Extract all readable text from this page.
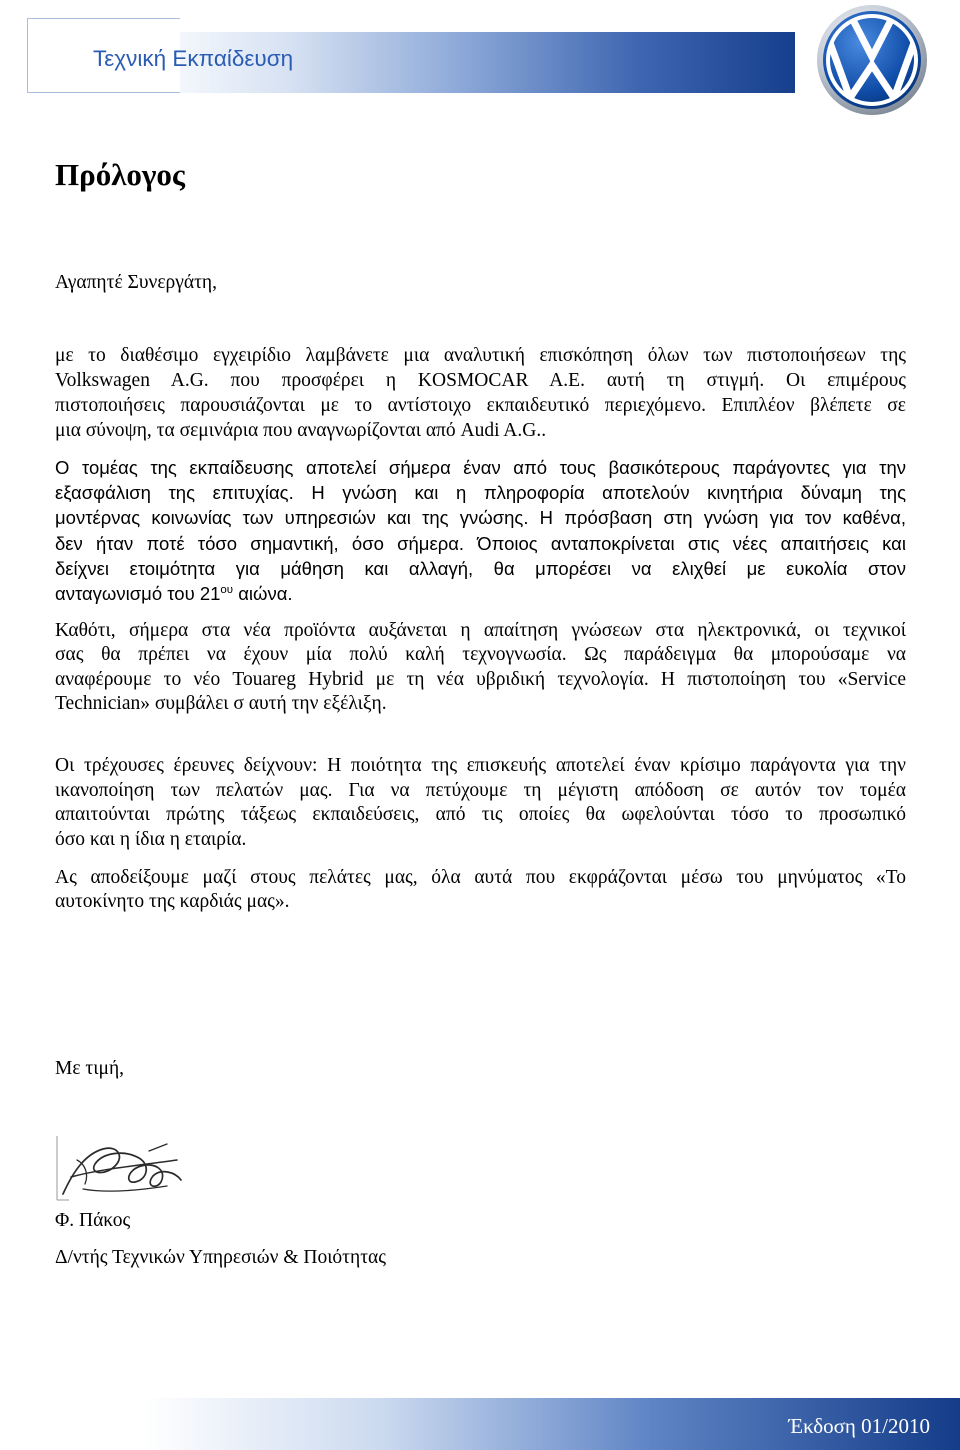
Τεχνική Εκπαίδευση
Πρόλογος
Αγαπητέ Συνεργάτη,
με το διαθέσιμο εγχειρίδιο λαμβάνετε μια αναλυτική επισκόπηση όλων των πιστοποιήσεων της
Volkswagen A.G. που προσφέρει η KOSMOCAR A.E. αυτή τη στιγμή. Οι επιμέρους
πιστοποιήσεις παρουσιάζονται με το αντίστοιχο εκπαιδευτικό περιεχόμενο. Επιπλέον βλέπετε σε
μια σύνοψη, τα σεμινάρια που αναγνωρίζονται από Audi A.G..
Ο τομέας της εκπαίδευσης αποτελεί σήμερα έναν από τους βασικότερους παράγοντες για την
εξασφάλιση της επιτυχίας. Η γνώση και η πληροφορία αποτελούν κινητήρια δύναμη της
μοντέρνας κοινωνίας των υπηρεσιών και της γνώσης. Η πρόσβαση στη γνώση για τον καθένα,
δεν ήταν ποτέ τόσο σημαντική, όσο σήμερα. Όποιος ανταποκρίνεται στις νέες απαιτήσεις και
δείχνει ετοιμότητα για μάθηση και αλλαγή, θα μπορέσει να ελιχθεί με ευκολία στον
ανταγωνισμό του $21^{o\upsilon}$ αιώνα.
Καθότι, σήμερα στα νέα προϊόντα αυξάνεται η απαίτηση γνώσεων στα ηλεκτρονικά, οι τεχνικοί
σας θα πρέπει να έχουν μία πολύ καλή τεχνογνωσία. Ως παράδειγμα θα μπορούσαμε να
αναφέρουμε το νέο Touareg Hybrid με τη νέα υβριδική τεχνολογία. Η πιστοποίηση του «Service
Technician» συμβάλει σ αυτή την εξέλιξη.
Οι τρέχουσες έρευνες δείχνουν: Η ποιότητα της επισκευής αποτελεί έναν κρίσιμο παράγοντα για την
ικανοποίηση των πελατών μας. Για να πετύχουμε τη μέγιστη απόδοση σε αυτόν τον τομέα
απαιτούνται πρώτης τάξεως εκπαιδεύσεις, από τις οποίες θα ωφελούνται τόσο το προσωπικό
όσο και η ίδια η εταιρία.
Ας αποδείξουμε μαζί στους πελάτες μας, όλα αυτά που εκφράζονται μέσω του μηνύματος «Το
αυτοκίνητο της καρδιάς μας».
Με τιμή,
Φ. Πάκος
Δ/ντής Τεχνικών Υπηρεσιών & Ποιότητας
Έκδοση 01/2010
